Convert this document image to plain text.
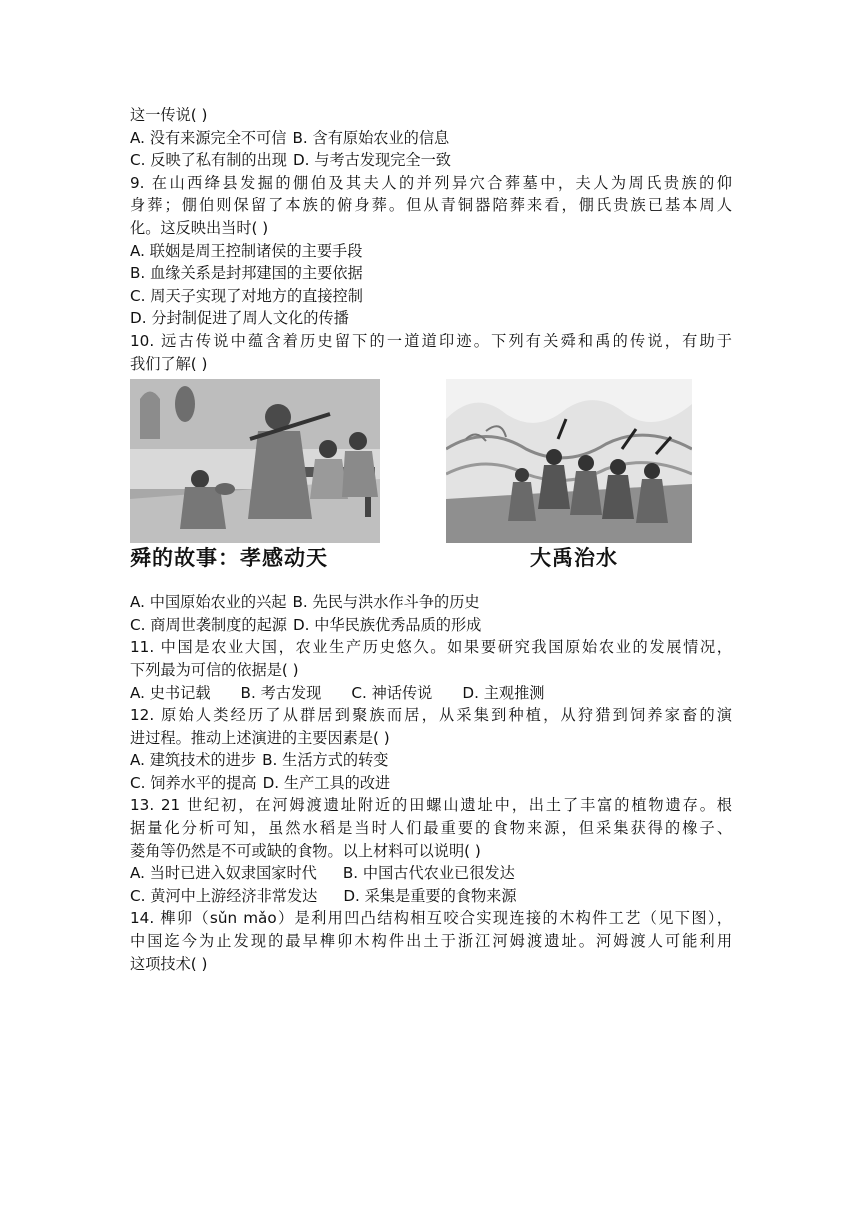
这一传说( )
A. 没有来源完全不可信 B. 含有原始农业的信息
C. 反映了私有制的出现 D. 与考古发现完全一致
9. 在山西绛县发掘的倗伯及其夫人的并列异穴合葬墓中，夫人为周氏贵族的仰
身葬；倗伯则保留了本族的俯身葬。但从青铜器陪葬来看，倗氏贵族已基本周人
化。这反映出当时( )
A. 联姻是周王控制诸侯的主要手段
B. 血缘关系是封邦建国的主要依据
C. 周天子实现了对地方的直接控制
D. 分封制促进了周人文化的传播
10. 远古传说中蕴含着历史留下的一道道印迹。下列有关舜和禹的传说，有助于
我们了解( )
舜的故事：孝感动天	大禹治水
A. 中国原始农业的兴起 B. 先民与洪水作斗争的历史
C. 商周世袭制度的起源 D. 中华民族优秀品质的形成
11. 中国是农业大国，农业生产历史悠久。如果要研究我国原始农业的发展情况，
下列最为可信的依据是( )
A. 史书记载 B. 考古发现 C. 神话传说 D. 主观推测
12. 原始人类经历了从群居到聚族而居，从采集到种植，从狩猎到饲养家畜的演
进过程。推动上述演进的主要因素是( )
A. 建筑技术的进步 B. 生活方式的转变
C. 饲养水平的提高 D. 生产工具的改进
13. 21 世纪初，在河姆渡遗址附近的田螺山遗址中，出土了丰富的植物遗存。根
据量化分析可知，虽然水稻是当时人们最重要的食物来源，但采集获得的橡子、
菱角等仍然是不可或缺的食物。以上材料可以说明( )
A. 当时已进入奴隶国家时代 B. 中国古代农业已很发达
C. 黄河中上游经济非常发达 D. 采集是重要的食物来源
14. 榫卯（sǔn mǎo）是利用凹凸结构相互咬合实现连接的木构件工艺（见下图），
中国迄今为止发现的最早榫卯木构件出土于浙江河姆渡遗址。河姆渡人可能利用
这项技术( )
